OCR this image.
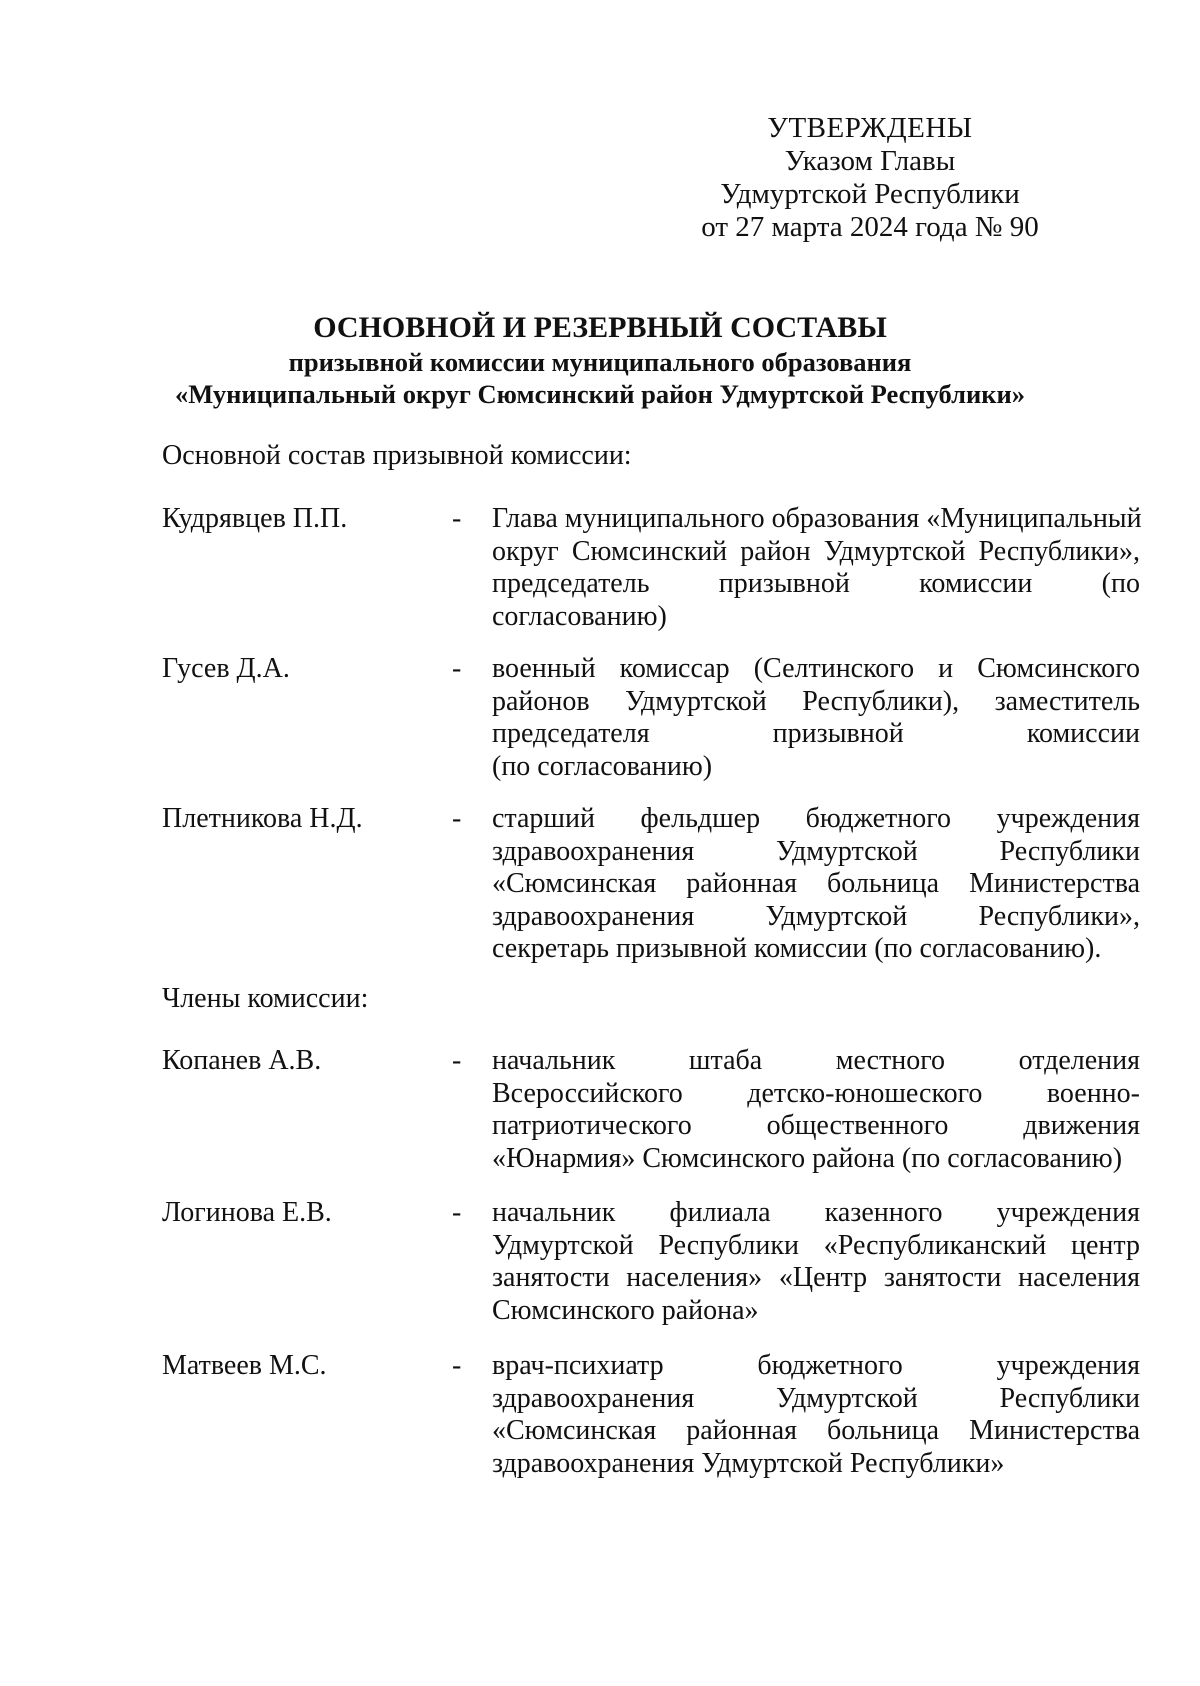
УТВЕРЖДЕНЫ
Указом Главы
Удмуртской Республики
от 27 марта 2024 года № 90
ОСНОВНОЙ И РЕЗЕРВНЫЙ СОСТАВЫ
призывной комиссии муниципального образования
«Муниципальный округ Сюмсинский район Удмуртской Республики»
Основной состав призывной комиссии:
Кудрявцев П.П.	- Глава муниципального образования «Муниципальный
округ Сюмсинский район Удмуртской Республики»,
председатель призывной комиссии (по
согласованию)
Гусев Д.А.	- военный комиссар (Селтинского и Сюмсинского
районов Удмуртской Республики), заместитель
председателя призывной комиссии
(по согласованию)
Плетникова Н.Д.	- старший фельдшер бюджетного учреждения
здравоохранения Удмуртской Республики
«Сюмсинская районная больница Министерства
здравоохранения Удмуртской Республики»,
секретарь призывной комиссии (по согласованию).
Члены комиссии:
Копанев А.В.	- начальник штаба местного отделения
Всероссийского детско-юношеского военно-
патриотического общественного движения
«Юнармия» Сюмсинского района (по согласованию)
Логинова Е.В.	- начальник филиала казенного учреждения
Удмуртской Республики «Республиканский центр
занятости населения» «Центр занятости населения
Сюмсинского района»
Матвеев М.С.	- врач-психиатр бюджетного учреждения
здравоохранения Удмуртской Республики
«Сюмсинская районная больница Министерства
здравоохранения Удмуртской Республики»
